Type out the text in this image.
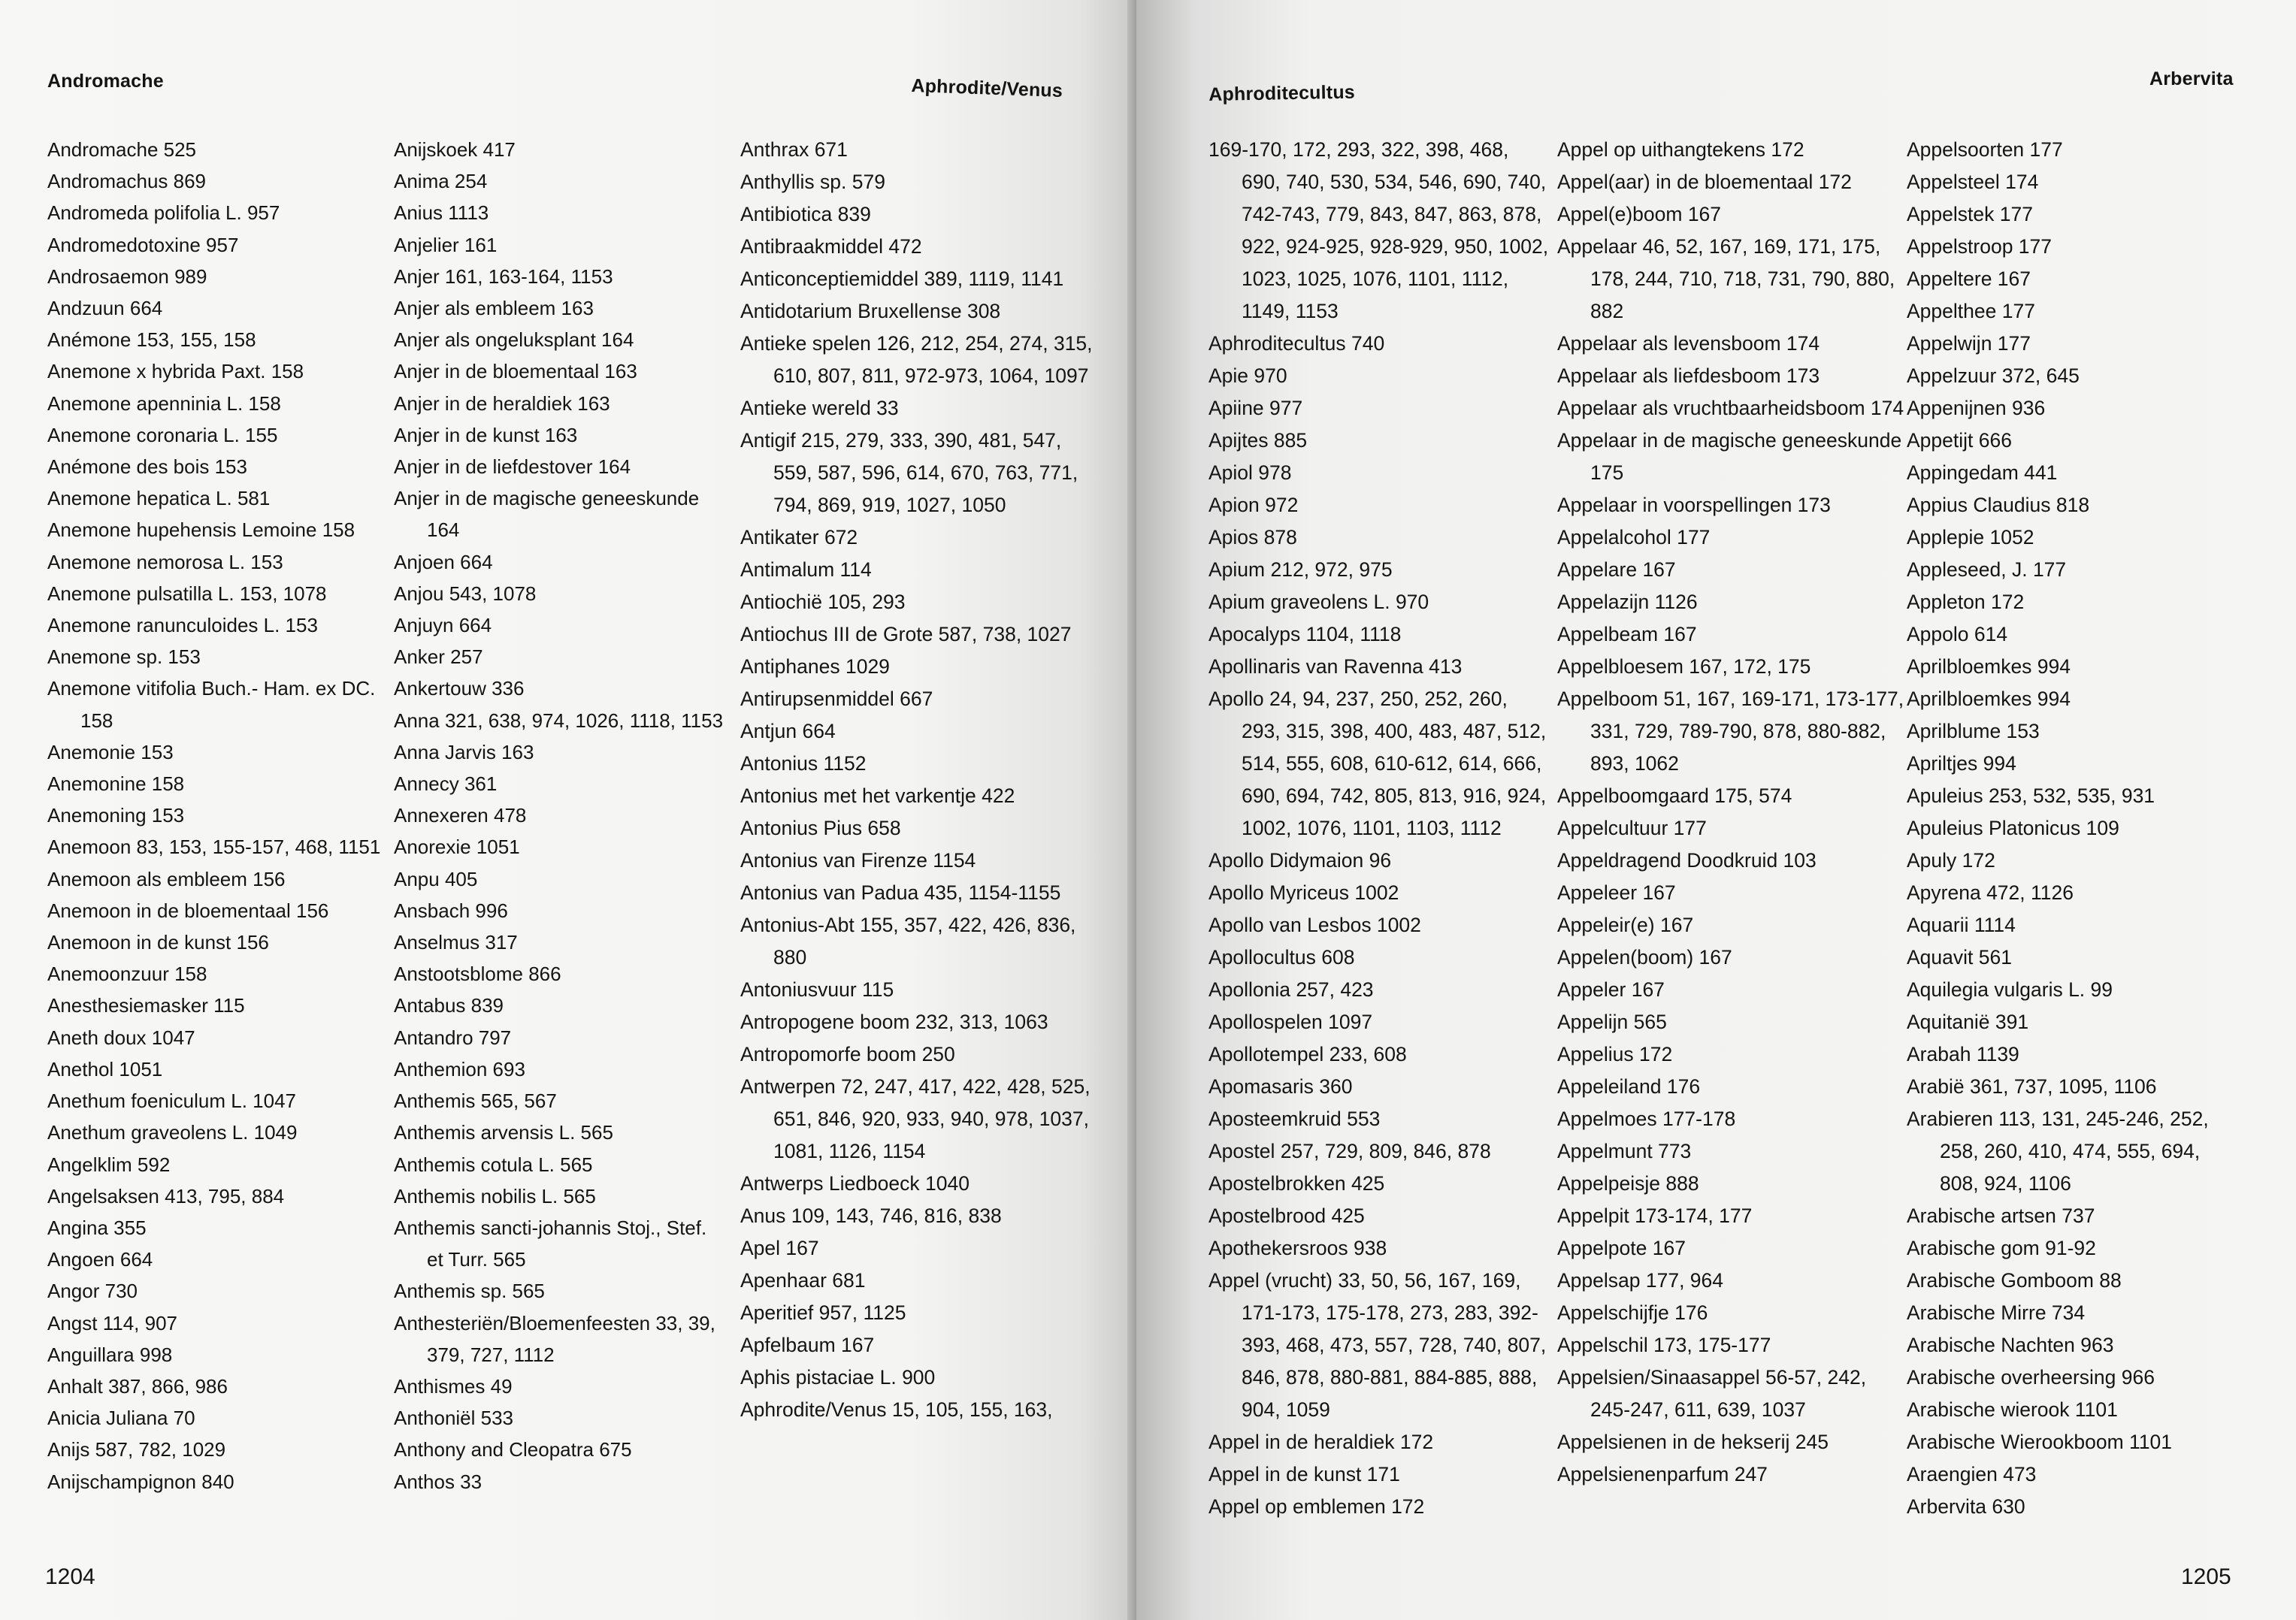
Andromache	Aphrodite/Venus
Andromache 525
Andromachus 869
Andromeda polifolia L. 957
Andromedotoxine 957
Androsaemon 989
Andzuun 664
Anémone 153, 155, 158
Anemone x hybrida Paxt. 158
Anemone apenninia L. 158
Anemone coronaria L. 155
Anémone des bois 153
Anemone hepatica L. 581
Anemone hupehensis Lemoine 158
Anemone nemorosa L. 153
Anemone pulsatilla L. 153, 1078
Anemone ranunculoides L. 153
Anemone sp. 153
Anemone vitifolia Buch.- Ham. ex DC. 158
Anemonie 153
Anemonine 158
Anemoning 153
Anemoon 83, 153, 155-157, 468, 1151
Anemoon als embleem 156
Anemoon in de bloementaal 156
Anemoon in de kunst 156
Anemoonzuur 158
Anesthesiemasker 115
Aneth doux 1047
Anethol 1051
Anethum foeniculum L. 1047
Anethum graveolens L. 1049
Angelklim 592
Angelsaksen 413, 795, 884
Angina 355
Angoen 664
Angor 730
Angst 114, 907
Anguillara 998
Anhalt 387, 866, 986
Anicia Juliana 70
Anijs 587, 782, 1029
Anijschampignon 840
Anijskoek 417
Anima 254
Anius 1113
Anjelier 161
Anjer 161, 163-164, 1153
Anjer als embleem 163
Anjer als ongeluksplant 164
Anjer in de bloementaal 163
Anjer in de heraldiek 163
Anjer in de kunst 163
Anjer in de liefdestover 164
Anjer in de magische geneeskunde 164
Anjoen 664
Anjou 543, 1078
Anjuyn 664
Anker 257
Ankertouw 336
Anna 321, 638, 974, 1026, 1118, 1153
Anna Jarvis 163
Annecy 361
Annexeren 478
Anorexie 1051
Anpu 405
Ansbach 996
Anselmus 317
Anstootsblome 866
Antabus 839
Antandro 797
Anthemion 693
Anthemis 565, 567
Anthemis arvensis L. 565
Anthemis cotula L. 565
Anthemis nobilis L. 565
Anthemis sancti-johannis Stoj., Stef. et Turr. 565
Anthemis sp. 565
Anthesteriën/Bloemenfeesten 33, 39, 379, 727, 1112
Anthismes 49
Anthoniël 533
Anthony and Cleopatra 675
Anthos 33
Anthrax 671
Anthyllis sp. 579
Antibiotica 839
Antibraakmiddel 472
Anticonceptiemiddel 389, 1119, 1141
Antidotarium Bruxellense 308
Antieke spelen 126, 212, 254, 274, 315, 610, 807, 811, 972-973, 1064, 1097
Antieke wereld 33
Antigif 215, 279, 333, 390, 481, 547, 559, 587, 596, 614, 670, 763, 771, 794, 869, 919, 1027, 1050
Antikater 672
Antimalum 114
Antiochië 105, 293
Antiochus III de Grote 587, 738, 1027
Antiphanes 1029
Antirupsenmiddel 667
Antjun 664
Antonius 1152
Antonius met het varkentje 422
Antonius Pius 658
Antonius van Firenze 1154
Antonius van Padua 435, 1154-1155
Antonius-Abt 155, 357, 422, 426, 836, 880
Antoniusvuur 115
Antropogene boom 232, 313, 1063
Antropomorfe boom 250
Antwerpen 72, 247, 417, 422, 428, 525, 651, 846, 920, 933, 940, 978, 1037, 1081, 1126, 1154
Antwerps Liedboeck 1040
Anus 109, 143, 746, 816, 838
Apel 167
Apenhaar 681
Aperitief 957, 1125
Apfelbaum 167
Aphis pistaciae L. 900
Aphrodite/Venus 15, 105, 155, 163,
1204
Aphroditecultus
Arbervita
169-170, 172, 293, 322, 398, 468, 690, 740, 530, 534, 546, 690, 740, 742-743, 779, 843, 847, 863, 878, 922, 924-925, 928-929, 950, 1002, 1023, 1025, 1076, 1101, 1112, 1149, 1153
Aphroditecultus 740
Apie 970
Apiine 977
Apijtes 885
Apiol 978
Apion 972
Apios 878
Apium 212, 972, 975
Apium graveolens L. 970
Apocalyps 1104, 1118
Apollinaris van Ravenna 413
Apollo 24, 94, 237, 250, 252, 260, 293, 315, 398, 400, 483, 487, 512, 514, 555, 608, 610-612, 614, 666, 690, 694, 742, 805, 813, 916, 924, 1002, 1076, 1101, 1103, 1112
Apollo Didymaion 96
Apollo Myriceus 1002
Apollo van Lesbos 1002
Apollocultus 608
Apollonia 257, 423
Apollospelen 1097
Apollotempel 233, 608
Apomasaris 360
Aposteemkruid 553
Apostel 257, 729, 809, 846, 878
Apostelbrokken 425
Apostelbrood 425
Apothekersroos 938
Appel (vrucht) 33, 50, 56, 167, 169, 171-173, 175-178, 273, 283, 392-393, 468, 473, 557, 728, 740, 807, 846, 878, 880-881, 884-885, 888, 904, 1059
Appel in de heraldiek 172
Appel in de kunst 171
Appel op emblemen 172
Appel op uithangtekens 172
Appel(aar) in de bloementaal 172
Appel(e)boom 167
Appelaar 46, 52, 167, 169, 171, 175, 178, 244, 710, 718, 731, 790, 880, 882
Appelaar als levensboom 174
Appelaar als liefdesboom 173
Appelaar als vruchtbaarheidsboom 174
Appelaar in de magische geneeskunde 175
Appelaar in voorspellingen 173
Appelalcohol 177
Appelare 167
Appelazijn 1126
Appelbeam 167
Appelbloesem 167, 172, 175
Appelboom 51, 167, 169-171, 173-177, 331, 729, 789-790, 878, 880-882, 893, 1062
Appelboomgaard 175, 574
Appelcultuur 177
Appeldragend Doodkruid 103
Appeleer 167
Appeleir(e) 167
Appelen(boom) 167
Appeler 167
Appelijn 565
Appelius 172
Appeleiland 176
Appelmoes 177-178
Appelmunt 773
Appelpeisje 888
Appelpit 173-174, 177
Appelpote 167
Appelsap 177, 964
Appelschijfje 176
Appelschil 173, 175-177
Appelsien/Sinaasappel 56-57, 242, 245-247, 611, 639, 1037
Appelsienen in de hekserij 245
Appelsienenparfum 247
Appelsoorten 177
Appelsteel 174
Appelstek 177
Appelstroop 177
Appeltere 167
Appelthee 177
Appelwijn 177
Appelzuur 372, 645
Appenijnen 936
Appetijt 666
Appingedam 441
Appius Claudius 818
Applepie 1052
Appleseed, J. 177
Appleton 172
Appolo 614
Aprilbloemkes 994
Aprilbloemkes 994
Aprilblume 153
Apriltjes 994
Apuleius 253, 532, 535, 931
Apuleius Platonicus 109
Apuly 172
Apyrena 472, 1126
Aquarii 1114
Aquavit 561
Aquilegia vulgaris L. 99
Aquitanië 391
Arabah 1139
Arabië 361, 737, 1095, 1106
Arabieren 113, 131, 245-246, 252, 258, 260, 410, 474, 555, 694, 808, 924, 1106
Arabische artsen 737
Arabische gom 91-92
Arabische Gomboom 88
Arabische Mirre 734
Arabische Nachten 963
Arabische overheersing 966
Arabische wierook 1101
Arabische Wierookboom 1101
Araengien 473
Arbervita 630
1205
